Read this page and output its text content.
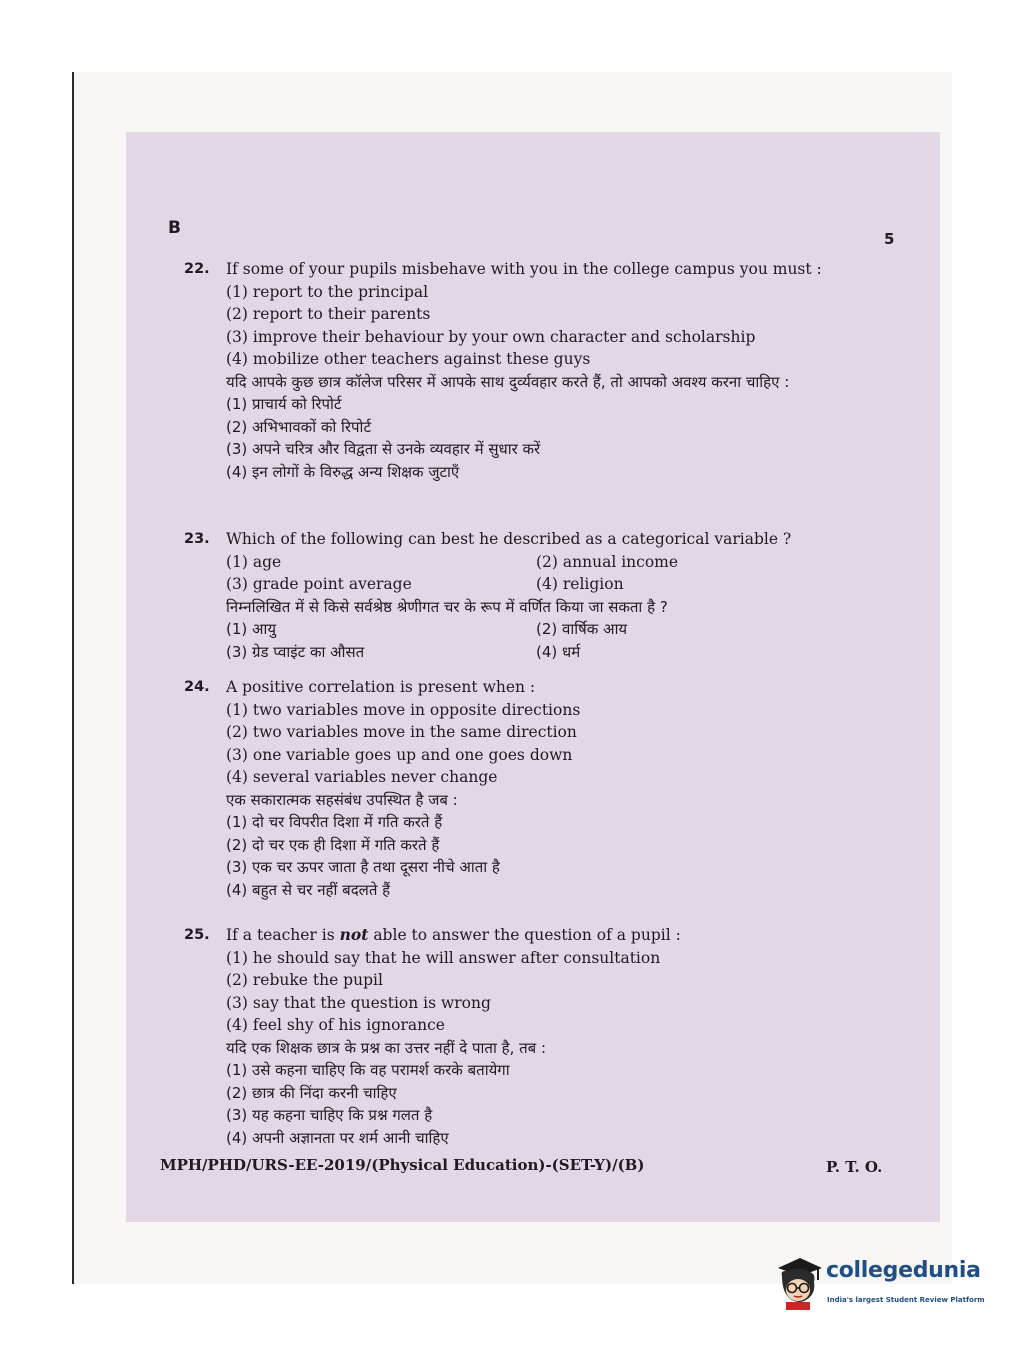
B
5
22. If some of your pupils misbehave with you in the college campus you must :
(1) report to the principal
(2) report to their parents
(3) improve their behaviour by your own character and scholarship
(4) mobilize other teachers against these guys
यदि आपके कुछ छात्र कॉलेज परिसर में आपके साथ दुर्व्यवहार करते हैं, तो आपको अवश्य करना चाहिए :
(1) प्राचार्य को रिपोर्ट
(2) अभिभावकों को रिपोर्ट
(3) अपने चरित्र और विद्वता से उनके व्यवहार में सुधार करें
(4) इन लोगों के विरुद्ध अन्य शिक्षक जुटाएँ
23. Which of the following can best he described as a categorical variable ?
(1) age	(2) annual income
(3) grade point average	(4) religion
निम्नलिखित में से किसे सर्वश्रेष्ठ श्रेणीगत चर के रूप में वर्णित किया जा सकता है ?
(1) आयु	(2) वार्षिक आय
(3) ग्रेड प्वाइंट का औसत	(4) धर्म
24. A positive correlation is present when :
(1) two variables move in opposite directions
(2) two variables move in the same direction
(3) one variable goes up and one goes down
(4) several variables never change
एक सकारात्मक सहसंबंध उपस्थित है जब :
(1) दो चर विपरीत दिशा में गति करते हैं
(2) दो चर एक ही दिशा में गति करते हैं
(3) एक चर ऊपर जाता है तथा दूसरा नीचे आता है
(4) बहुत से चर नहीं बदलते हैं
25. If a teacher is not able to answer the question of a pupil :
(1) he should say that he will answer after consultation
(2) rebuke the pupil
(3) say that the question is wrong
(4) feel shy of his ignorance
यदि एक शिक्षक छात्र के प्रश्न का उत्तर नहीं दे पाता है, तब :
(1) उसे कहना चाहिए कि वह परामर्श करके बतायेगा
(2) छात्र की निंदा करनी चाहिए
(3) यह कहना चाहिए कि प्रश्न गलत है
(4) अपनी अज्ञानता पर शर्म आनी चाहिए
MPH/PHD/URS-EE-2019/(Physical Education)-(SET-Y)/(B)	P. T. O.
collegedunia
India's largest Student Review Platform
